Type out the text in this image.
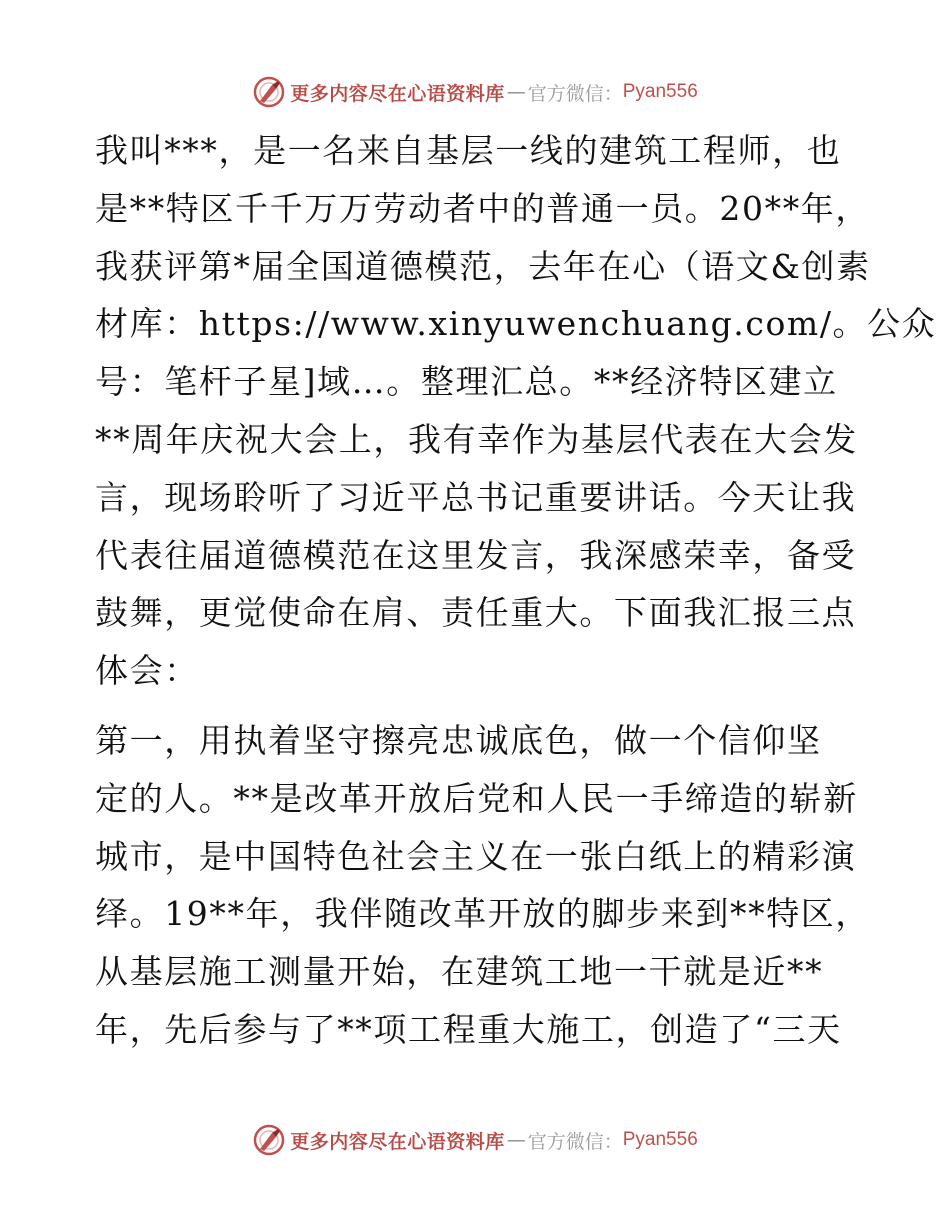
更多内容尽在心语资料库 — 官方微信： Pyan556

我叫***，是一名来自基层一线的建筑工程师，也
是**特区千千万万劳动者中的普通一员。20**年，
我获评第*届全国道德模范，去年在心（语文&创素
材库：https://www.xinyuwenchuang.com/。公众
号：笔杆子星]域…。整理汇总。**经济特区建立
**周年庆祝大会上，我有幸作为基层代表在大会发
言，现场聆听了习近平总书记重要讲话。今天让我
代表往届道德模范在这里发言，我深感荣幸，备受
鼓舞，更觉使命在肩、责任重大。下面我汇报三点
体会：

第一，用执着坚守擦亮忠诚底色，做一个信仰坚
定的人。**是改革开放后党和人民一手缔造的崭新
城市，是中国特色社会主义在一张白纸上的精彩演
绎。19**年，我伴随改革开放的脚步来到**特区，
从基层施工测量开始，在建筑工地一干就是近**
年，先后参与了**项工程重大施工，创造了“三天

更多内容尽在心语资料库 — 官方微信： Pyan556
